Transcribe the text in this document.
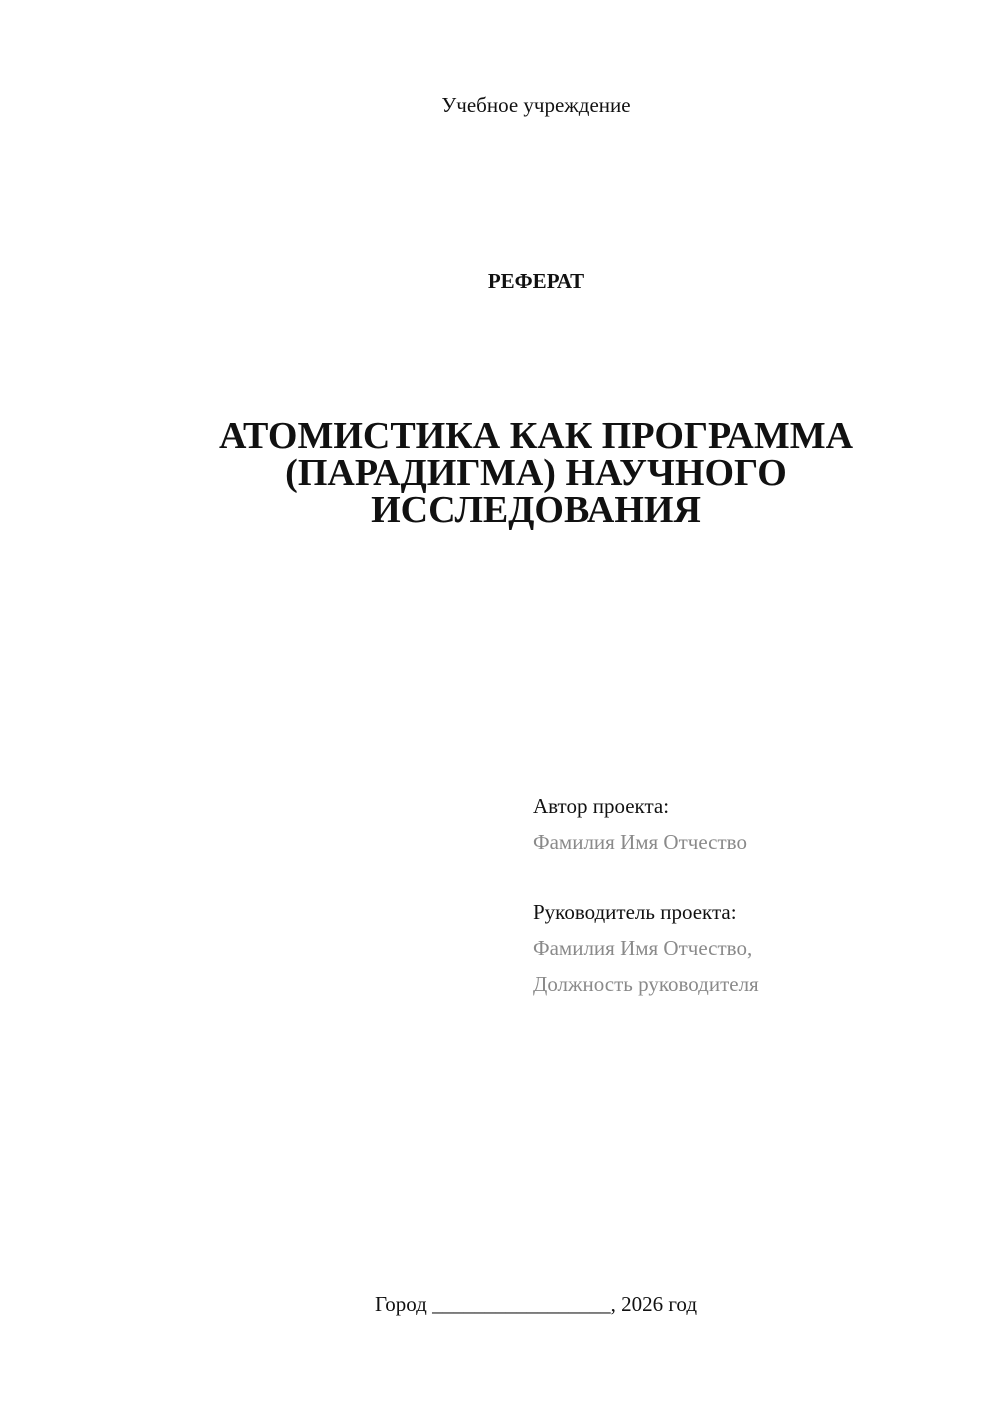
Учебное учреждение
РЕФЕРАТ
АТОМИСТИКА КАК ПРОГРАММА
(ПАРАДИГМА) НАУЧНОГО
ИССЛЕДОВАНИЯ
Автор проекта:
Фамилия Имя Отчество
Руководитель проекта:
Фамилия Имя Отчество,
Должность руководителя
Город _________________, 2026 год
